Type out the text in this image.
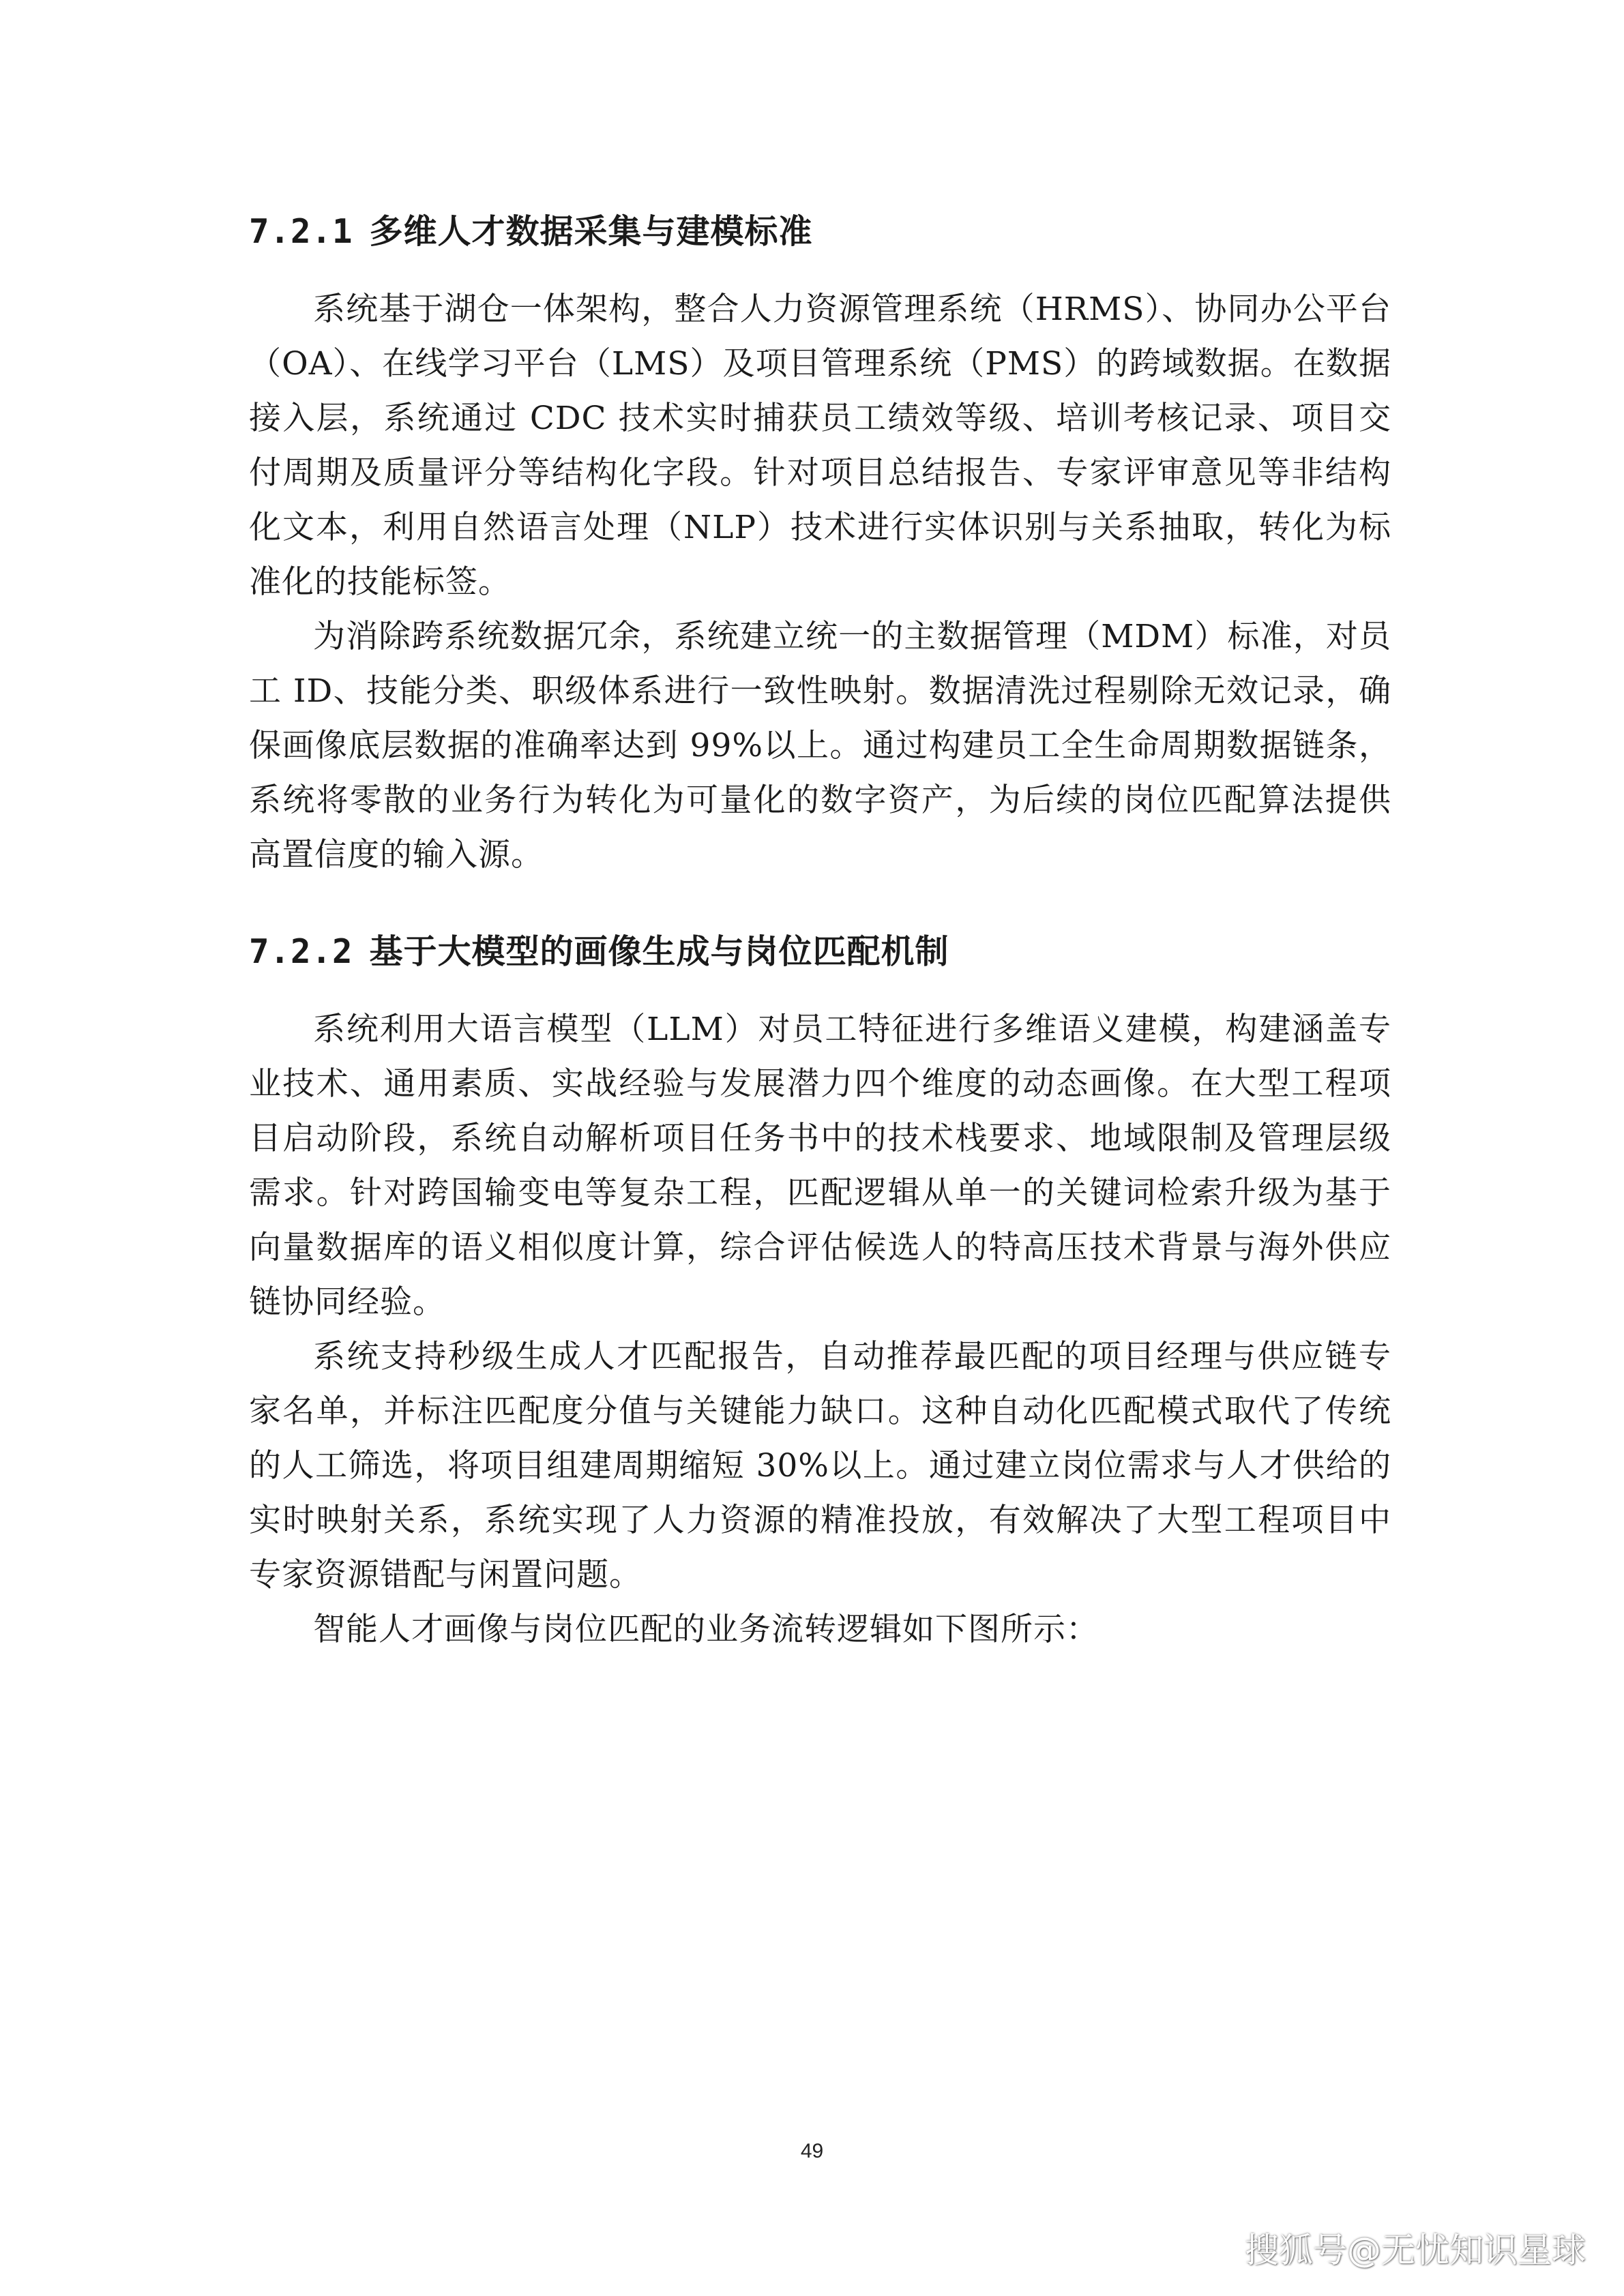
7.2.1 多维人才数据采集与建模标准

系统基于湖仓一体架构，整合人力资源管理系统（HRMS）、协同办公平台（OA）、在线学习平台（LMS）及项目管理系统（PMS）的跨域数据。在数据接入层，系统通过 CDC 技术实时捕获员工绩效等级、培训考核记录、项目交付周期及质量评分等结构化字段。针对项目总结报告、专家评审意见等非结构化文本，利用自然语言处理（NLP）技术进行实体识别与关系抽取，转化为标准化的技能标签。

为消除跨系统数据冗余，系统建立统一的主数据管理（MDM）标准，对员工 ID、技能分类、职级体系进行一致性映射。数据清洗过程剔除无效记录，确保画像底层数据的准确率达到 99%以上。通过构建员工全生命周期数据链条，系统将零散的业务行为转化为可量化的数字资产，为后续的岗位匹配算法提供高置信度的输入源。

7.2.2 基于大模型的画像生成与岗位匹配机制

系统利用大语言模型（LLM）对员工特征进行多维语义建模，构建涵盖专业技术、通用素质、实战经验与发展潜力四个维度的动态画像。在大型工程项目启动阶段，系统自动解析项目任务书中的技术栈要求、地域限制及管理层级需求。针对跨国输变电等复杂工程，匹配逻辑从单一的关键词检索升级为基于向量数据库的语义相似度计算，综合评估候选人的特高压技术背景与海外供应链协同经验。

系统支持秒级生成人才匹配报告，自动推荐最匹配的项目经理与供应链专家名单，并标注匹配度分值与关键能力缺口。这种自动化匹配模式取代了传统的人工筛选，将项目组建周期缩短 30%以上。通过建立岗位需求与人才供给的实时映射关系，系统实现了人力资源的精准投放，有效解决了大型工程项目中专家资源错配与闲置问题。

智能人才画像与岗位匹配的业务流转逻辑如下图所示：

49
搜狐号@无忧知识星球
